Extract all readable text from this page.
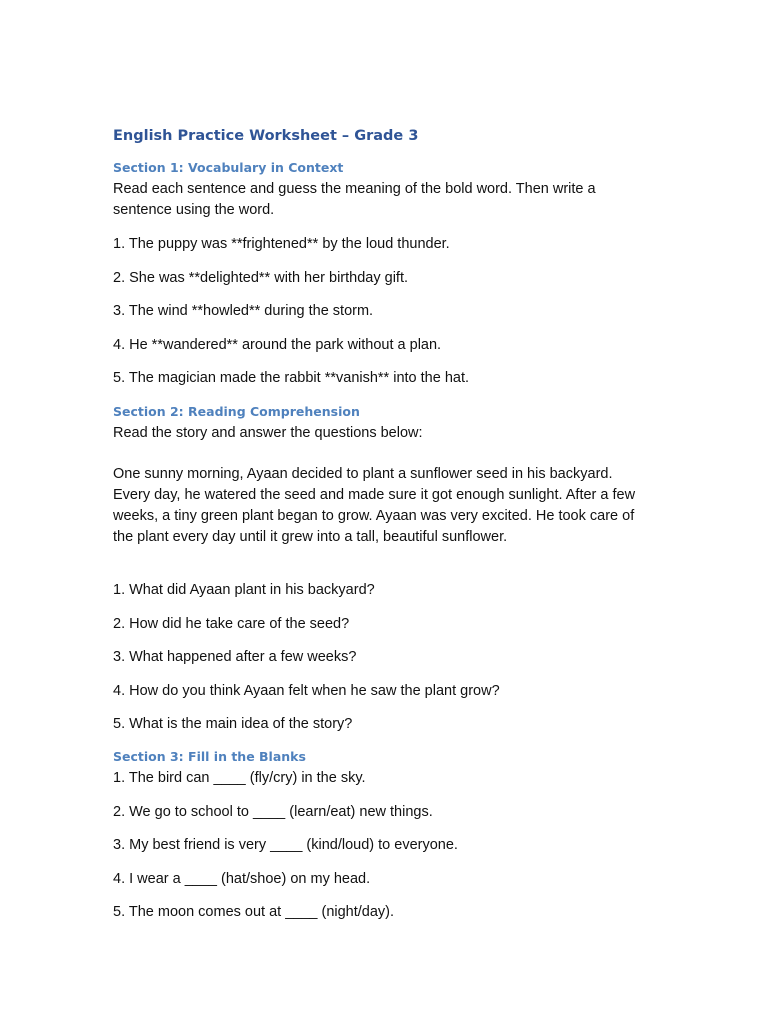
English Practice Worksheet – Grade 3

Section 1: Vocabulary in Context

Read each sentence and guess the meaning of the bold word. Then write a sentence using the word.

1. The puppy was **frightened** by the loud thunder.

2. She was **delighted** with her birthday gift.

3. The wind **howled** during the storm.

4. He **wandered** around the park without a plan.

5. The magician made the rabbit **vanish** into the hat.

Section 2: Reading Comprehension

Read the story and answer the questions below:

One sunny morning, Ayaan decided to plant a sunflower seed in his backyard. Every day, he watered the seed and made sure it got enough sunlight. After a few weeks, a tiny green plant began to grow. Ayaan was very excited. He took care of the plant every day until it grew into a tall, beautiful sunflower.

1. What did Ayaan plant in his backyard?

2. How did he take care of the seed?

3. What happened after a few weeks?

4. How do you think Ayaan felt when he saw the plant grow?

5. What is the main idea of the story?

Section 3: Fill in the Blanks

1. The bird can ____ (fly/cry) in the sky.

2. We go to school to ____ (learn/eat) new things.

3. My best friend is very ____ (kind/loud) to everyone.

4. I wear a ____ (hat/shoe) on my head.

5. The moon comes out at ____ (night/day).
